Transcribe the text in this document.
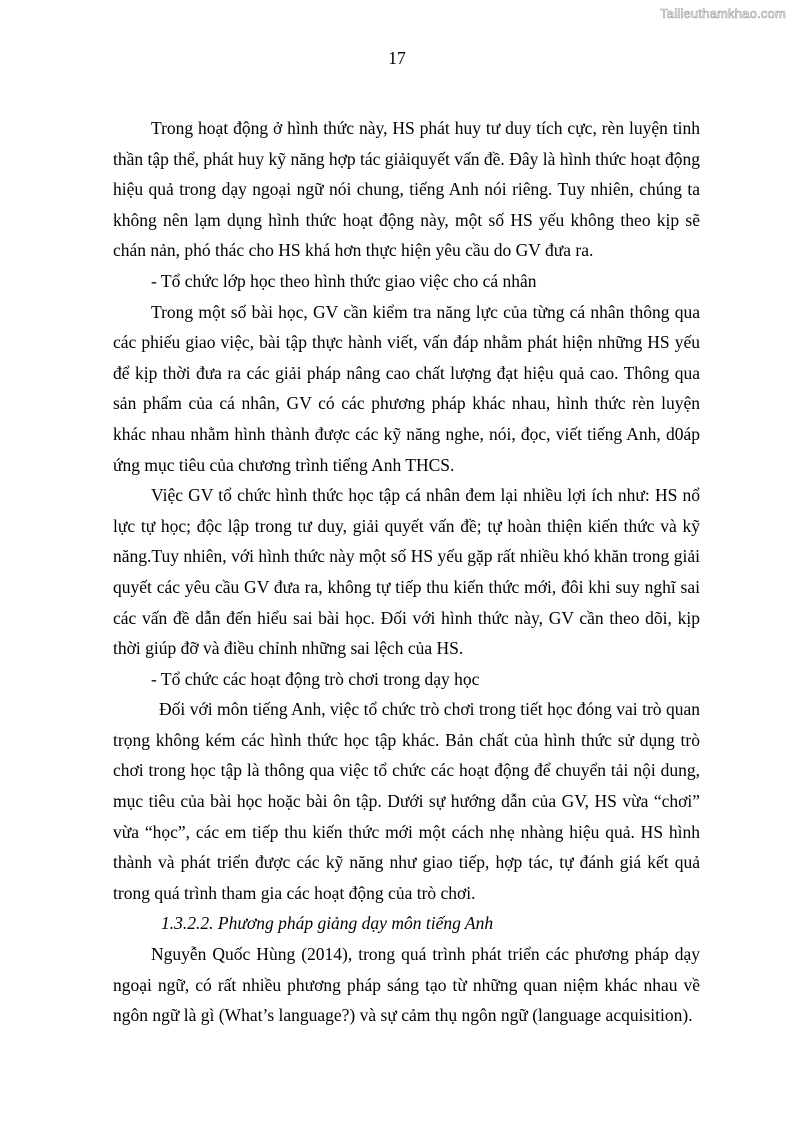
Tailieuthamkhao.com
17

Trong hoạt động ở hình thức này, HS phát huy tư duy tích cực, rèn luyện tinh thần tập thể, phát huy kỹ năng hợp tác giảiquyết vấn đề. Đây là hình thức hoạt động hiệu quả trong dạy ngoại ngữ nói chung, tiếng Anh nói riêng. Tuy nhiên, chúng ta không nên lạm dụng hình thức hoạt động này, một số HS yếu không theo kịp sẽ chán nản, phó thác cho HS khá hơn thực hiện yêu cầu do GV đưa ra.

- Tổ chức lớp học theo hình thức giao việc cho cá nhân

Trong một số bài học, GV cần kiểm tra năng lực của từng cá nhân thông qua các phiếu giao việc, bài tập thực hành viết, vấn đáp nhằm phát hiện những HS yếu để kịp thời đưa ra các giải pháp nâng cao chất lượng đạt hiệu quả cao. Thông qua sản phẩm của cá nhân, GV có các phương pháp khác nhau, hình thức rèn luyện khác nhau nhằm hình thành được các kỹ năng nghe, nói, đọc, viết tiếng Anh, d0áp ứng mục tiêu của chương trình tiếng Anh THCS.

Việc GV tổ chức hình thức học tập cá nhân đem lại nhiều lợi ích như: HS nổ lực tự học; độc lập trong tư duy, giải quyết vấn đề; tự hoàn thiện kiến thức và kỹ năng.Tuy nhiên, với hình thức này một số HS yếu gặp rất nhiều khó khăn trong giải quyết các yêu cầu GV đưa ra, không tự tiếp thu kiến thức mới, đôi khi suy nghĩ sai các vấn đề dẫn đến hiểu sai bài học. Đối với hình thức này, GV cần theo dõi, kịp thời giúp đỡ và điều chỉnh những sai lệch của HS.

- Tổ chức các hoạt động trò chơi trong dạy học

Đối với môn tiếng Anh, việc tổ chức trò chơi trong tiết học đóng vai trò quan trọng không kém các hình thức học tập khác. Bản chất của hình thức sử dụng trò chơi trong học tập là thông qua việc tổ chức các hoạt động để chuyển tải nội dung, mục tiêu của bài học hoặc bài ôn tập. Dưới sự hướng dẫn của GV, HS vừa “chơi” vừa “học”, các em tiếp thu kiến thức mới một cách nhẹ nhàng hiệu quả. HS hình thành và phát triển được các kỹ năng như giao tiếp, hợp tác, tự đánh giá kết quả trong quá trình tham gia các hoạt động của trò chơi.

1.3.2.2. Phương pháp giảng dạy môn tiếng Anh

Nguyễn Quốc Hùng (2014), trong quá trình phát triển các phương pháp dạy ngoại ngữ, có rất nhiều phương pháp sáng tạo từ những quan niệm khác nhau về ngôn ngữ là gì (What’s language?) và sự cảm thụ ngôn ngữ (language acquisition).
